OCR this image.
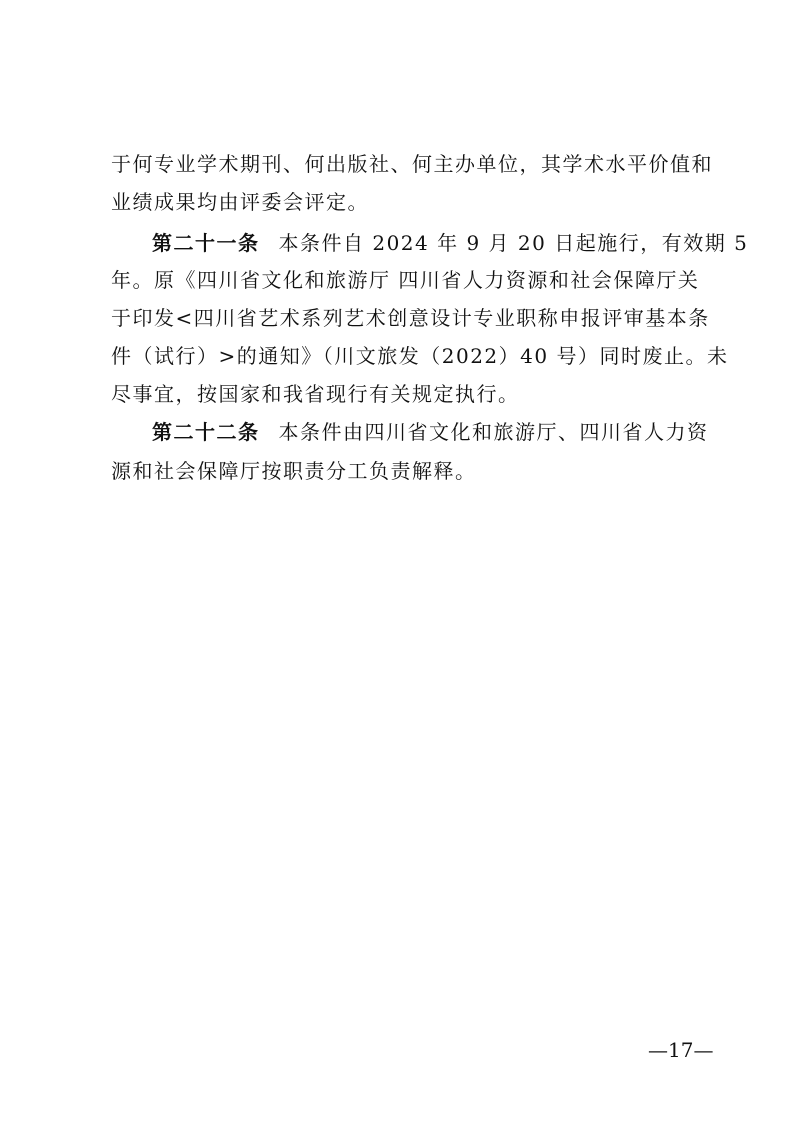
于何专业学术期刊、何出版社、何主办单位，其学术水平价值和
业绩成果均由评委会评定。
第二十一条 本条件自 2024 年 9 月 20 日起施行，有效期 5
年。原《四川省文化和旅游厅 四川省人力资源和社会保障厅关
于印发<四川省艺术系列艺术创意设计专业职称申报评审基本条
件（试行）>的通知》（川文旅发（2022）40 号）同时废止。未
尽事宜，按国家和我省现行有关规定执行。
第二十二条 本条件由四川省文化和旅游厅、四川省人力资
源和社会保障厅按职责分工负责解释。
—17—
